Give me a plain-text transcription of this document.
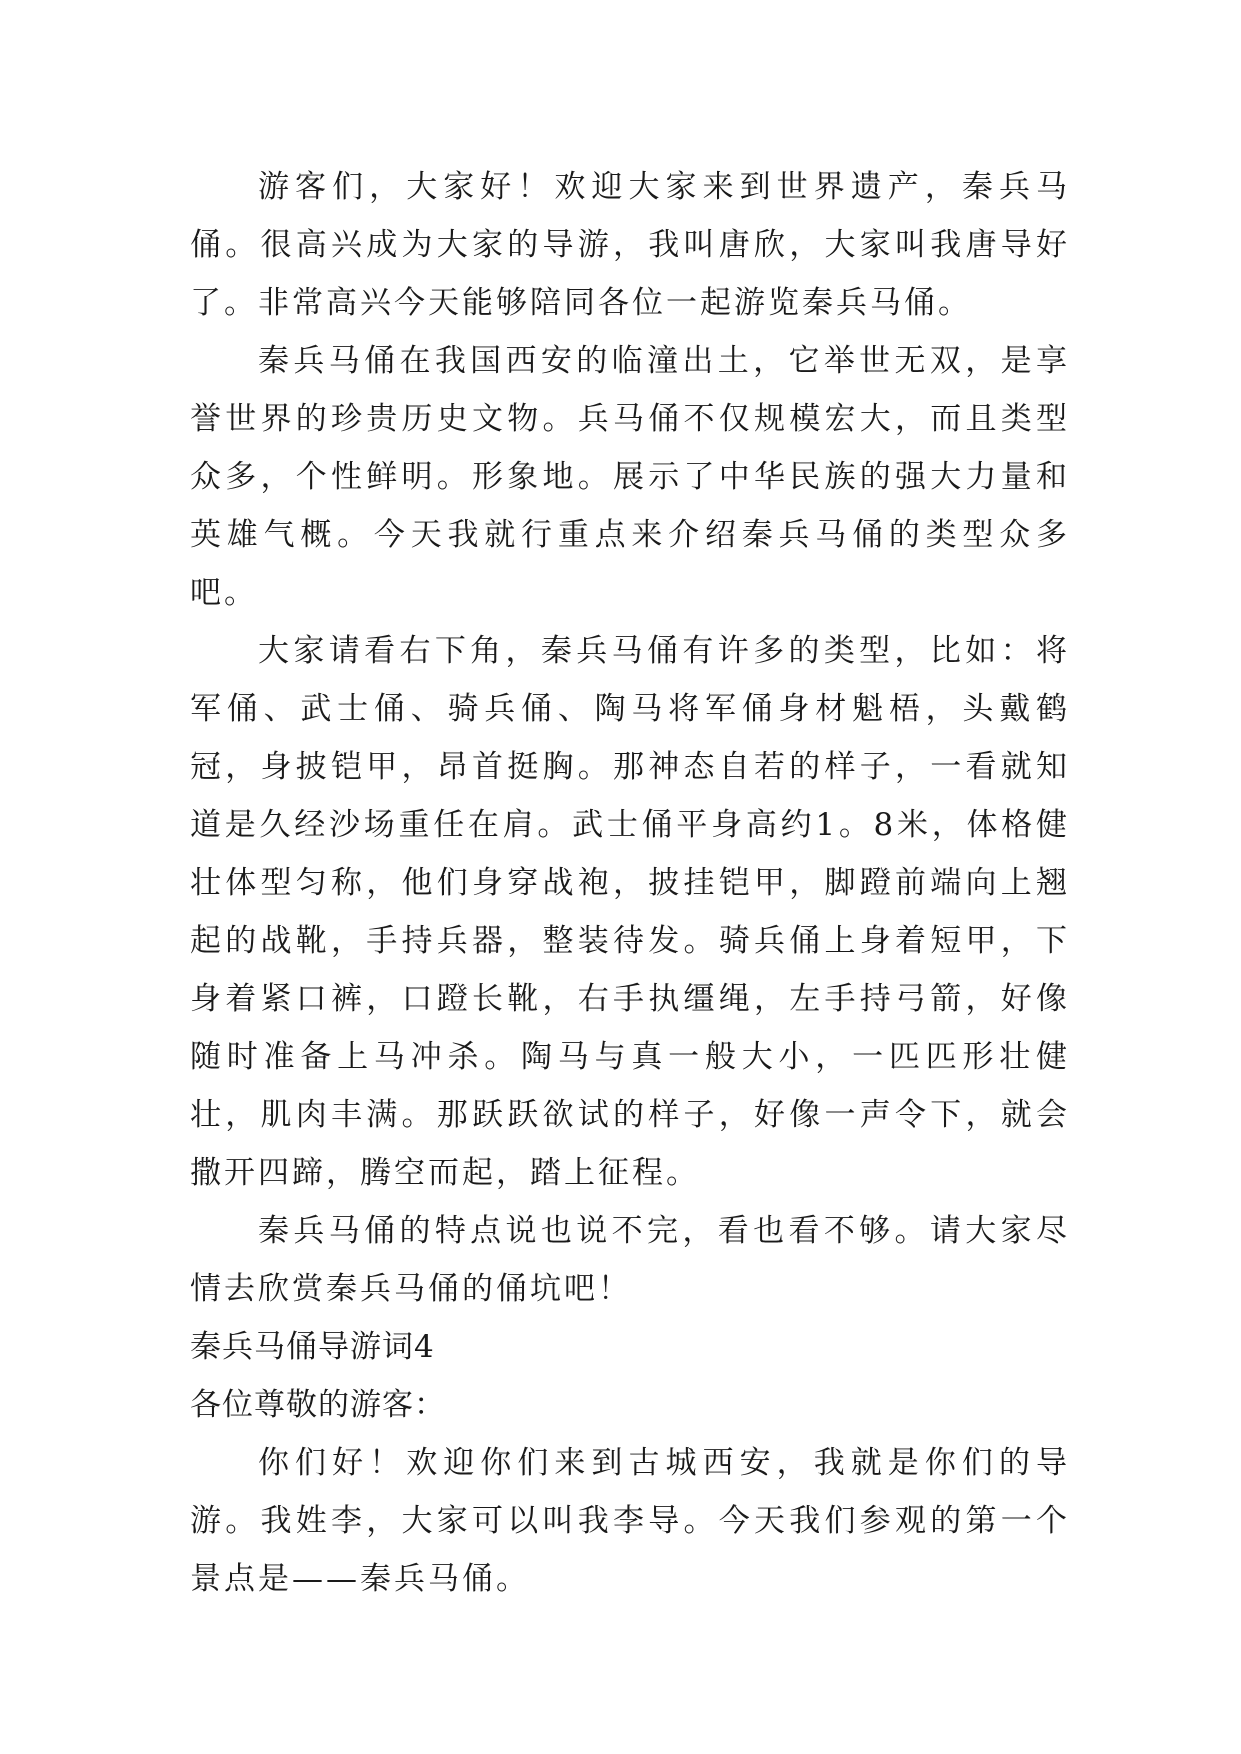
游客们，大家好！欢迎大家来到世界遗产，秦兵马俑。很高兴成为大家的导游，我叫唐欣，大家叫我唐导好了。非常高兴今天能够陪同各位一起游览秦兵马俑。

秦兵马俑在我国西安的临潼出土，它举世无双，是享誉世界的珍贵历史文物。兵马俑不仅规模宏大，而且类型众多，个性鲜明。形象地。展示了中华民族的强大力量和英雄气概。今天我就行重点来介绍秦兵马俑的类型众多吧。

大家请看右下角，秦兵马俑有许多的类型，比如：将军俑、武士俑、骑兵俑、陶马将军俑身材魁梧，头戴鹤冠，身披铠甲，昂首挺胸。那神态自若的样子，一看就知道是久经沙场重任在肩。武士俑平身高约1。8米，体格健壮体型匀称，他们身穿战袍，披挂铠甲，脚蹬前端向上翘起的战靴，手持兵器，整装待发。骑兵俑上身着短甲，下身着紧口裤，口蹬长靴，右手执缰绳，左手持弓箭，好像随时准备上马冲杀。陶马与真一般大小，一匹匹形壮健壮，肌肉丰满。那跃跃欲试的样子，好像一声令下，就会撒开四蹄，腾空而起，踏上征程。

秦兵马俑的特点说也说不完，看也看不够。请大家尽情去欣赏秦兵马俑的俑坑吧！

秦兵马俑导游词4

各位尊敬的游客：

你们好！欢迎你们来到古城西安，我就是你们的导游。我姓李，大家可以叫我李导。今天我们参观的第一个景点是——秦兵马俑。
